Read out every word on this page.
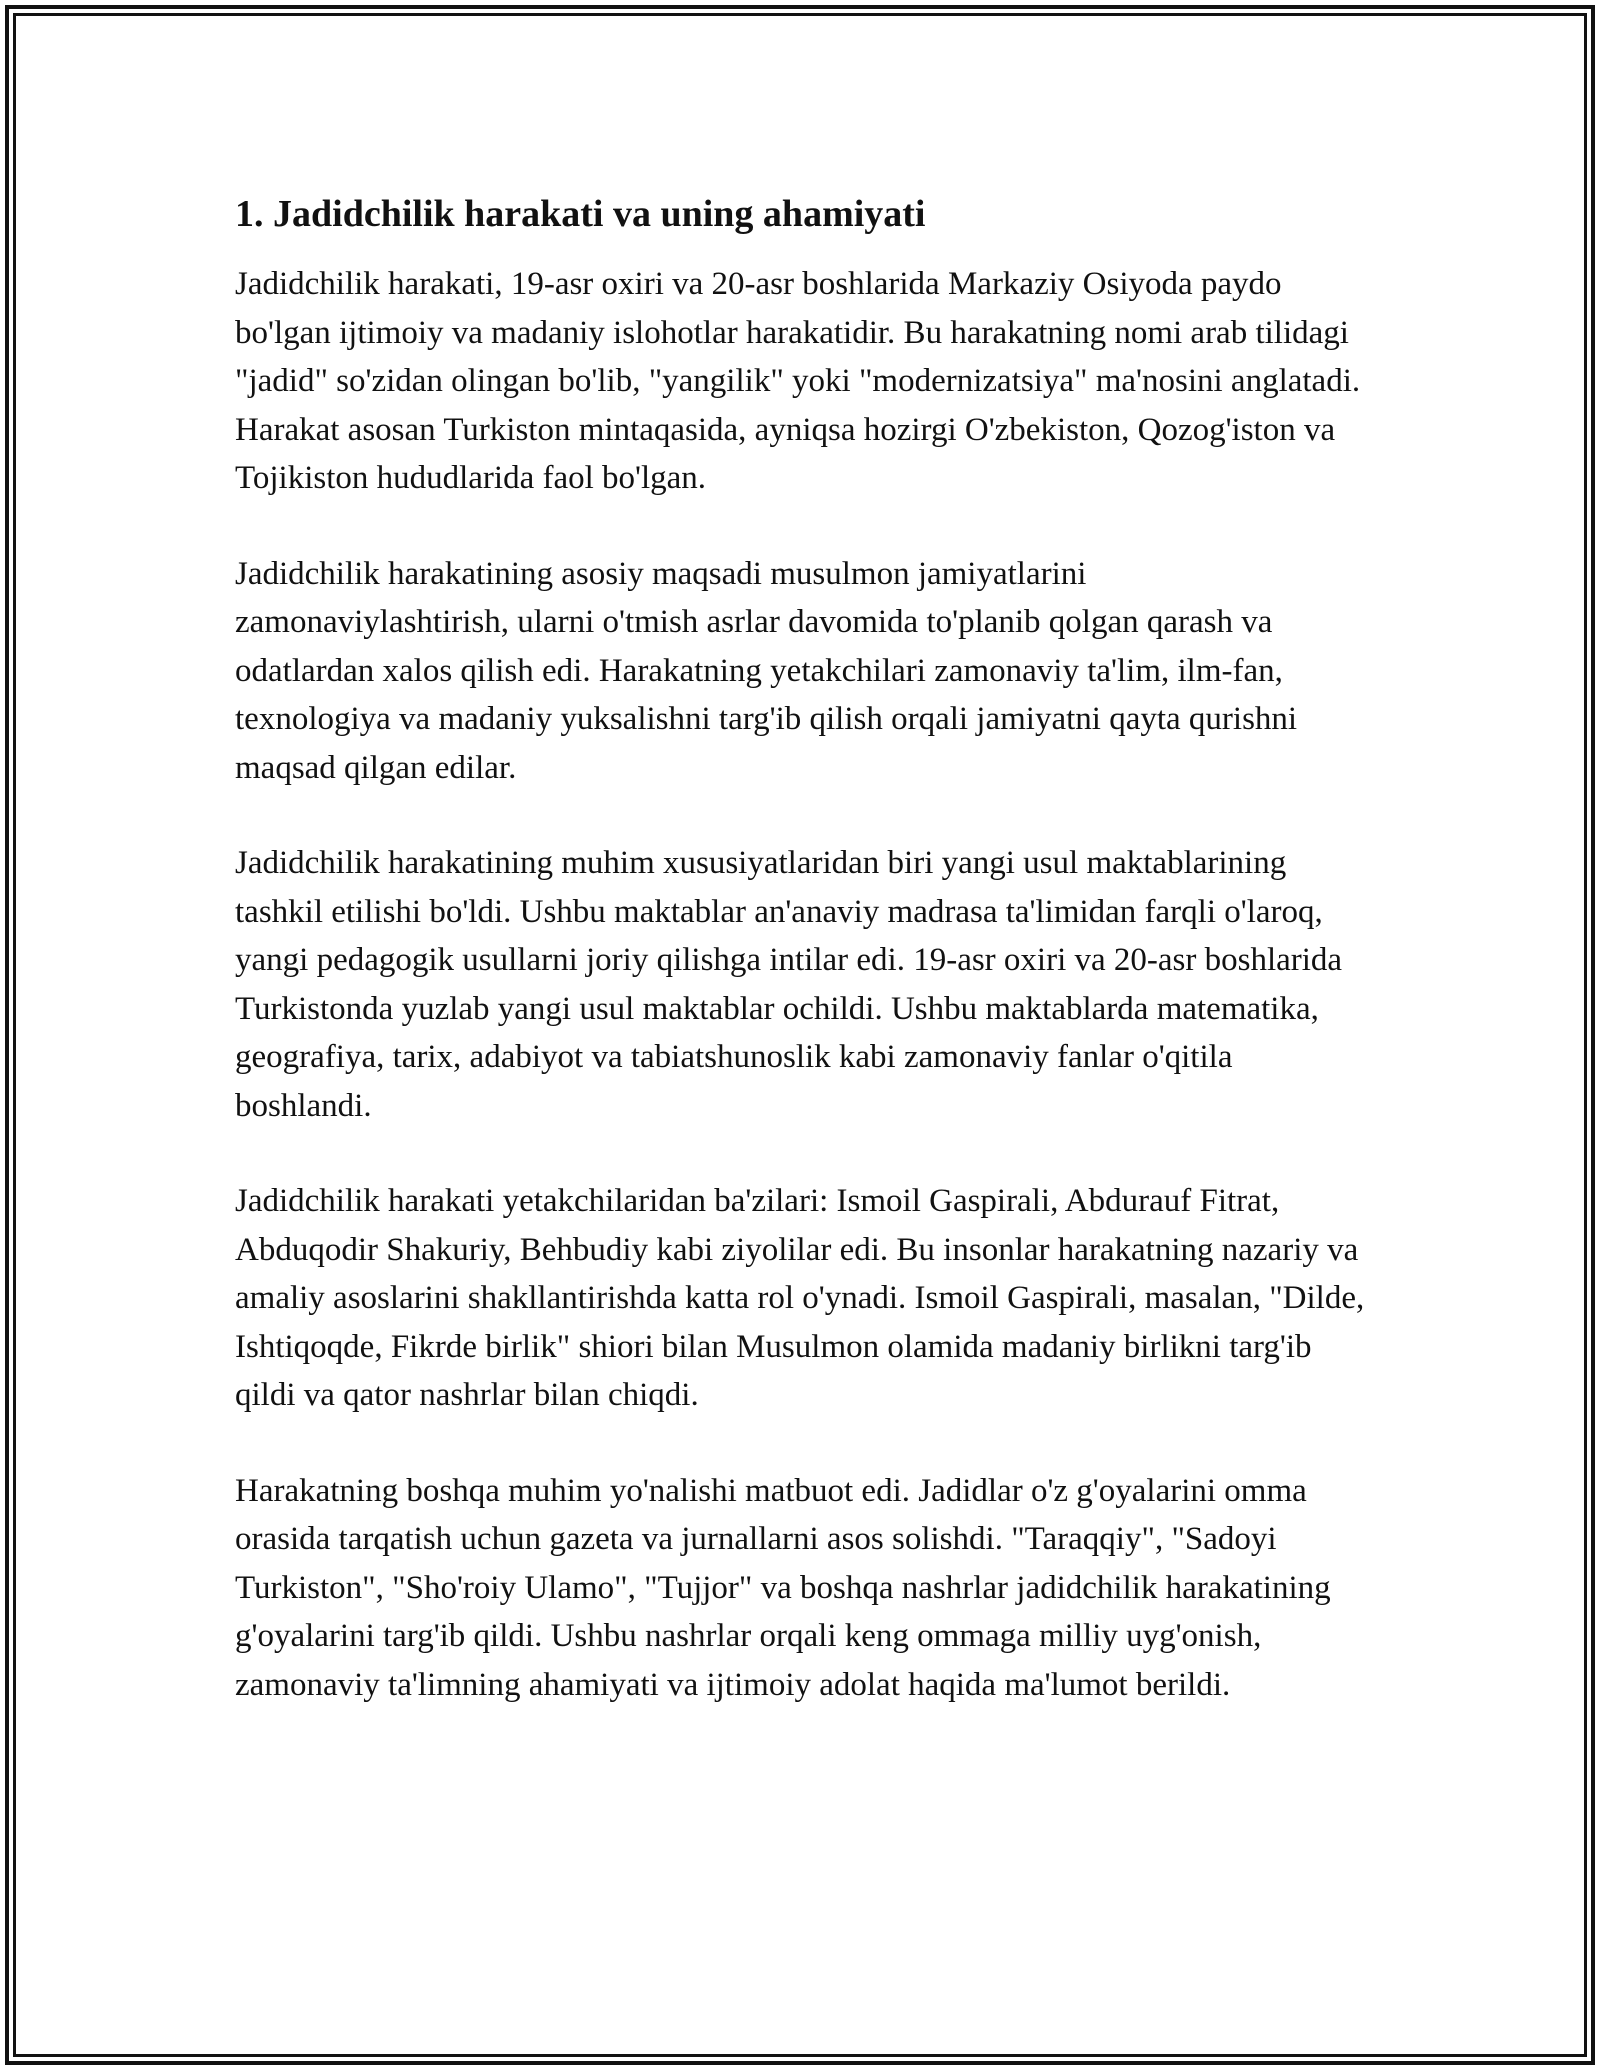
1. Jadidchilik harakati va uning ahamiyati

Jadidchilik harakati, 19-asr oxiri va 20-asr boshlarida Markaziy Osiyoda paydo bo'lgan ijtimoiy va madaniy islohotlar harakatidir. Bu harakatning nomi arab tilidagi "jadid" so'zidan olingan bo'lib, "yangilik" yoki "modernizatsiya" ma'nosini anglatadi. Harakat asosan Turkiston mintaqasida, ayniqsa hozirgi O'zbekiston, Qozog'iston va Tojikiston hududlarida faol bo'lgan.

Jadidchilik harakatining asosiy maqsadi musulmon jamiyatlarini zamonaviylashtirish, ularni o'tmish asrlar davomida to'planib qolgan qarash va odatlardan xalos qilish edi. Harakatning yetakchilari zamonaviy ta'lim, ilm-fan, texnologiya va madaniy yuksalishni targ'ib qilish orqali jamiyatni qayta qurishni maqsad qilgan edilar.

Jadidchilik harakatining muhim xususiyatlaridan biri yangi usul maktablarining tashkil etilishi bo'ldi. Ushbu maktablar an'anaviy madrasa ta'limidan farqli o'laroq, yangi pedagogik usullarni joriy qilishga intilar edi. 19-asr oxiri va 20-asr boshlarida Turkistonda yuzlab yangi usul maktablar ochildi. Ushbu maktablarda matematika, geografiya, tarix, adabiyot va tabiatshunoslik kabi zamonaviy fanlar o'qitila boshlandi.

Jadidchilik harakati yetakchilaridan ba'zilari: Ismoil Gaspirali, Abdurauf Fitrat, Abduqodir Shakuriy, Behbudiy kabi ziyolilar edi. Bu insonlar harakatning nazariy va amaliy asoslarini shakllantirishda katta rol o'ynadi. Ismoil Gaspirali, masalan, "Dilde, Ishtiqoqde, Fikrde birlik" shiori bilan Musulmon olamida madaniy birlikni targ'ib qildi va qator nashrlar bilan chiqdi.

Harakatning boshqa muhim yo'nalishi matbuot edi. Jadidlar o'z g'oyalarini omma orasida tarqatish uchun gazeta va jurnallarni asos solishdi. "Taraqqiy", "Sadoyi Turkiston", "Sho'roiy Ulamo", "Tujjor" va boshqa nashrlar jadidchilik harakatining g'oyalarini targ'ib qildi. Ushbu nashrlar orqali keng ommaga milliy uyg'onish, zamonaviy ta'limning ahamiyati va ijtimoiy adolat haqida ma'lumot berildi.
